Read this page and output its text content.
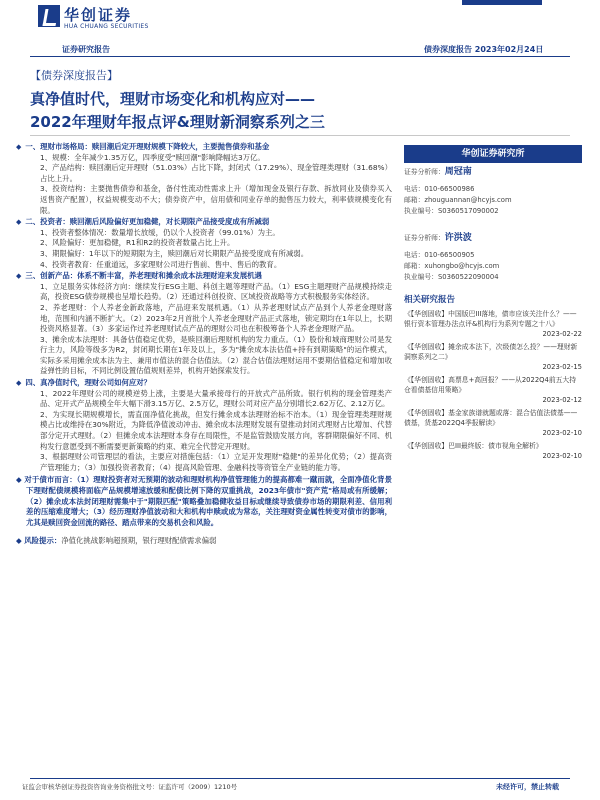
华创证券
HUA CHUANG SECURITIES
证券研究报告	债券深度报告 2023年02月24日
【债券深度报告】
真净值时代，理财市场变化和机构应对——
2022年理财年报点评&理财新洞察系列之三
◆ 一、理财市场格局：赎回潮后定开理财规模下降较大，主要抛售债券和基金
1、规模：全年减少1.35万亿，四季度受"赎回潮"影响降幅达3万亿。
2、产品结构：赎回潮后定开理财（51.03%）占比下降，封闭式（17.29%）、现金管理类理财（31.68%）占比上升。
3、投资结构：主要抛售债券和基金，备付性流动性需求上升（增加现金及银行存款、拆放同业及债券买入返售资产配置），权益规模变动不大；债券资产中，信用债和同业存单的抛售压力较大，利率债规模变化有限。
◆ 二、投资者：赎回潮后风险偏好更加稳健，对长期限产品接受度成有所减弱
1、投资者整体情况：数量增长放缓，仍以个人投资者（99.01%）为主。
2、风险偏好：更加稳健，R1和R2的投资者数量占比上升。
3、期限偏好：1年以下的短期限为主，赎回潮后对长期限产品接受度成有所减弱。
4、投资者教育：任重道远，多家理财公司进行售前、售中、售后的教育。
◆ 三、创新产品：体系不断丰富，养老理财和摊余成本法理财迎来发展机遇
1、立足服务实体经济方向：继续发行ESG主题、科创主题等理财产品。（1）ESG主题理财产品规模持续走高，投资ESG债券规模也呈增长趋势。（2）还通过科创投资、区域投资战略等方式积极服务实体经济。
2、养老理财：个人养老金新政落地，产品迎来发展机遇。（1）从养老理财试点产品到个人养老金理财落地，范围和内涵不断扩大。（2）2023年2月首批个人养老金理财产品正式落地，锁定期均在1年以上，长期投资风格显著。（3）多家运作过养老理财试点产品的理财公司也在积极筹备个人养老金理财产品。
3、摊余成本法理财：具备估值稳定优势，是赎回潮后理财机构的发力重点。（1）股份和城商理财公司是发行主力，风险等级多为R2，封闭期长期在1年及以上，多为"摊余成本法估值+持有到期策略"的运作模式，实际多采用摊余成本法为主、兼用市值法的混合估值法。（2）混合估值法理财运用不要期估值稳定和增加收益弹性的目标，不同比例设置估值规则差异，机构开始探索发行。
◆ 四、真净值时代，理财公司如何应对？
1、2022年理财公司的规模逆势上涨，主要是大量承接母行的开放式产品所致。银行机构的现金管理类产品、定开式产品规模全年大幅下滑3.15万亿、2.5万亿，理财公司对应产品分别增长2.62万亿、2.12万亿。
2、为实现长期规模增长，需直面净值化挑战，但发行摊余成本法理财治标不治本。（1）现金管理类理财规模占比或维持在30%附近，为降低净值波动冲击、摊余成本法理财发展有望推动封闭式理财占比增加、代替部分定开式理财。（2）但摊余成本法理财本身存在局限性，不是监管鼓励发展方向，客群期限偏好不同、机构发行意愿受到不断需要更新策略的约束、难完全代替定开理财。
3、根据理财公司管理层的看法，主要应对措施包括：（1）立足开发理财"稳健"的差异化优势；（2）提高资产管理能力；（3）加强投资者教育；（4）提高风险管理、金融科技等资管全产业链的能力等。
◆ 对于债市而言：（1）理财投资者对无预期的波动和理财机构净值管理能力的提高都难一蹴而就，全面净值化背景下理财配债规模将面临产品规模增速放缓和配债比例下降的双重挑战，2023年债市"资产荒"格局或有所缓解；（2）摊余成本法封闭理财需集中于"期限匹配"策略叠加稳健收益目标或继续导致债券市场的期限利差、信用利差的压缩难度增大；（3）经历理财净值波动和大和机构申赎或成为常态，关注理财资金属性转变对债市的影响，尤其是赎回资金回流的路径、踏点带来的交易机会和风险。
◆ 风险提示：净值化挑战影响超预期，银行理财配债需求偏弱
华创证券研究所
证券分析师：周冠南
电话：010-66500986
邮箱：zhouguannan@hcyjs.com
执业编号：S0360517090002
证券分析师：许洪波
电话：010-66500905
邮箱：xuhongbo@hcyjs.com
执业编号：S0360522090004
相关研究报告
《【华创固收】中国版巴III落地，债市应该关注什么？——银行资本管理办法点评&机构行为系列专题之十八》
2023-02-22
《【华创固收】摊余成本法下，次级债怎么投？——理财新洞察系列之二》
2023-02-15
《【华创固收】高票息+高回报？——从2022Q4前五大持仓看债基信用策略》
2023-02-12
《【华创固收】基金家族谱就题或落：混合估值法债基——债基，货基2022Q4季报解读》
2023-02-10
《【华创固收】巴III最终版：债市视角全解析》
2023-02-10
证监会审核华创证券投资咨询业务资格批文号：证监许可（2009）1210号	未经许可，禁止转载
